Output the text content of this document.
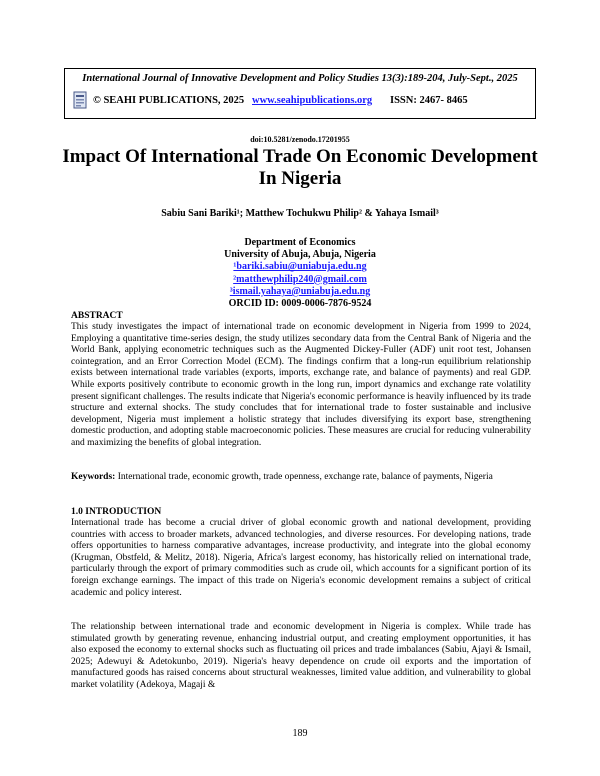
International Journal of Innovative Development and Policy Studies 13(3):189-204, July-Sept., 2025
© SEAHI PUBLICATIONS, 2025 www.seahipublications.org ISSN: 2467- 8465
doi:10.5281/zenodo.17201955
Impact Of International Trade On Economic Development In Nigeria
Sabiu Sani Bariki¹; Matthew Tochukwu Philip² & Yahaya Ismail³
Department of Economics
University of Abuja, Abuja, Nigeria
¹bariki.sabiu@uniabuja.edu.ng
²matthewphilip240@gmail.com
³ismail.yahaya@uniabuja.edu.ng
ORCID ID: 0009-0006-7876-9524
ABSTRACT
This study investigates the impact of international trade on economic development in Nigeria from 1999 to 2024, Employing a quantitative time-series design, the study utilizes secondary data from the Central Bank of Nigeria and the World Bank, applying econometric techniques such as the Augmented Dickey-Fuller (ADF) unit root test, Johansen cointegration, and an Error Correction Model (ECM). The findings confirm that a long-run equilibrium relationship exists between international trade variables (exports, imports, exchange rate, and balance of payments) and real GDP. While exports positively contribute to economic growth in the long run, import dynamics and exchange rate volatility present significant challenges. The results indicate that Nigeria's economic performance is heavily influenced by its trade structure and external shocks. The study concludes that for international trade to foster sustainable and inclusive development, Nigeria must implement a holistic strategy that includes diversifying its export base, strengthening domestic production, and adopting stable macroeconomic policies. These measures are crucial for reducing vulnerability and maximizing the benefits of global integration.
Keywords: International trade, economic growth, trade openness, exchange rate, balance of payments, Nigeria
1.0 INTRODUCTION
International trade has become a crucial driver of global economic growth and national development, providing countries with access to broader markets, advanced technologies, and diverse resources. For developing nations, trade offers opportunities to harness comparative advantages, increase productivity, and integrate into the global economy (Krugman, Obstfeld, & Melitz, 2018). Nigeria, Africa's largest economy, has historically relied on international trade, particularly through the export of primary commodities such as crude oil, which accounts for a significant portion of its foreign exchange earnings. The impact of this trade on Nigeria's economic development remains a subject of critical academic and policy interest.
The relationship between international trade and economic development in Nigeria is complex. While trade has stimulated growth by generating revenue, enhancing industrial output, and creating employment opportunities, it has also exposed the economy to external shocks such as fluctuating oil prices and trade imbalances (Sabiu, Ajayi & Ismail, 2025; Adewuyi & Adetokunbo, 2019). Nigeria's heavy dependence on crude oil exports and the importation of manufactured goods has raised concerns about structural weaknesses, limited value addition, and vulnerability to global market volatility (Adekoya, Magaji &
189
